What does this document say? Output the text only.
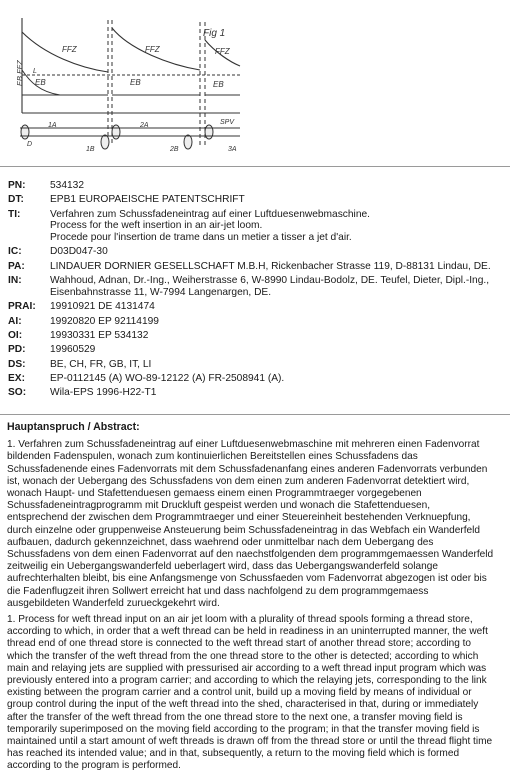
Fig 1
EB FFZ
FFZ	FFZ	FFZ
EB	EB	EB
L
1A
1B
2A
2B	3A
D
SPV
PN:	534132
DT:	EPB1 EUROPAEISCHE PATENTSCHRIFT
TI:	Verfahren zum Schussfadeneintrag auf einer Luftduesenwebmaschine.
Process for the weft insertion in an air-jet loom.
Procede pour l'insertion de trame dans un metier a tisser a jet d'air.
IC:	D03D047-30
PA:	LINDAUER DORNIER GESELLSCHAFT M.B.H, Rickenbacher Strasse 119, D-88131 Lindau, DE.
IN:	Wahhoud, Adnan, Dr.-Ing., Weiherstrasse 6, W-8990 Lindau-Bodolz, DE. Teufel, Dieter, Dipl.-Ing.,
Eisenbahnstrasse 11, W-7994 Langenargen, DE.
PRAI:	19910921 DE 4131474
AI:	19920820 EP 92114199
OI:	19930331 EP 534132
PD:	19960529
DS:	BE, CH, FR, GB, IT, LI
EX:	EP-0112145 (A) WO-89-12122 (A) FR-2508941 (A).
SO:	Wila-EPS 1996-H22-T1
Hauptanspruch / Abstract:
1. Verfahren zum Schussfadeneintrag auf einer Luftduesenwebmaschine mit mehreren einen Fadenvorrat
bildenden Fadenspulen, wonach zum kontinuierlichen Bereitstellen eines Schussfadens das
Schussfadenende eines Fadenvorrats mit dem Schussfadenanfang eines anderen Fadenvorrats verbunden
ist, wonach der Uebergang des Schussfadens von dem einen zum anderen Fadenvorrat detektiert wird,
wonach Haupt- und Stafettenduesen gemaess einem einen Programmtraeger vorgegebenen
Schussfadeneintragprogramm mit Druckluft gespeist werden und wonach die Stafettenduesen,
entsprechend der zwischen dem Programmtraeger und einer Steuereinheit bestehenden Verknuepfung,
durch einzelne oder gruppenweise Ansteuerung beim Schussfadeneintrag in das Webfach ein Wanderfeld
aufbauen, dadurch gekennzeichnet, dass waehrend oder unmittelbar nach dem Uebergang des
Schussfadens von dem einen Fadenvorrat auf den naechstfolgenden dem programmgemaessen Wanderfeld
zeitweilig ein Uebergangswanderfeld ueberlagert wird, dass das Uebergangswanderfeld solange
aufrechterhalten bleibt, bis eine Anfangsmenge von Schussfaeden vom Fadenvorrat abgezogen ist oder bis
die Fadenflugzeit ihren Sollwert erreicht hat und dass nachfolgend zu dem programmgemaess
ausgebildeten Wanderfeld zurueckgekehrt wird.
1. Process for weft thread input on an air jet loom with a plurality of thread spools forming a thread store,
according to which, in order that a weft thread can be held in readiness in an uninterrupted manner, the weft
thread end of one thread store is connected to the weft thread start of another thread store; according to
which the transfer of the weft thread from the one thread store to the other is detected; according to which
main and relaying jets are supplied with pressurised air according to a weft thread input program which was
previously entered into a program carrier; and according to which the relaying jets, corresponding to the link
existing between the program carrier and a control unit, build up a moving field by means of individual or
group control during the input of the weft thread into the shed, characterised in that, during or immediately
after the transfer of the weft thread from the one thread store to the next one, a transfer moving field is
temporarily superimposed on the moving field according to the program; in that the transfer moving field is
maintained until a start amount of weft threads is drawn off from the thread store or until the thread flight time
has reached its intended value; and in that, subsequently, a return to the moving field which is formed
according to the program is performed.
